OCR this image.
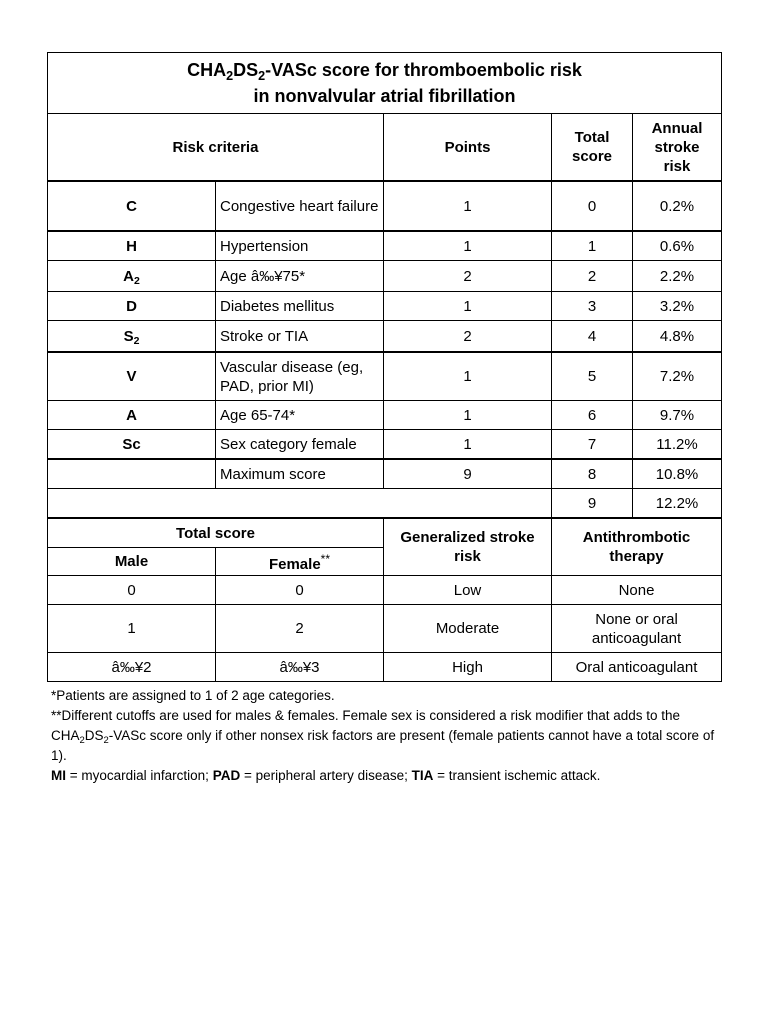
$CHA_2DS_2$-VASc score for thromboembolic risk
in nonvalvular atrial fibrillation				
Risk criteria		Points	Total score	Annual stroke risk
C	Congestive heart failure	1	0	0.2%
H	Hypertension	1	1	0.6%
$A_2$	Age â‰¥75*	2	2	2.2%
D	Diabetes mellitus	1	3	3.2%
$S_2$	Stroke or TIA	2	4	4.8%
V	Vascular disease (eg, PAD, prior MI)	1	5	7.2%
A	Age 65-74*	1	6	9.7%
Sc	Sex category female	1	7	11.2%
	Maximum score	9	8	10.8%
			9	12.2%
Total score		Generalized stroke risk	Antithrombotic therapy	
Male	Female**
0	0	Low	None	
1	2	Moderate	None or oral anticoagulant	
â‰¥2	â‰¥3	High	Oral anticoagulant	

*Patients are assigned to 1 of 2 age categories.

**Different cutoffs are used for males & females. Female sex is considered a risk modifier that adds to the $CHA_2DS_2$-VASc score only if other nonsex risk factors are present (female patients cannot have a total score of 1).

MI = myocardial infarction; PAD = peripheral artery disease; TIA = transient ischemic attack.
